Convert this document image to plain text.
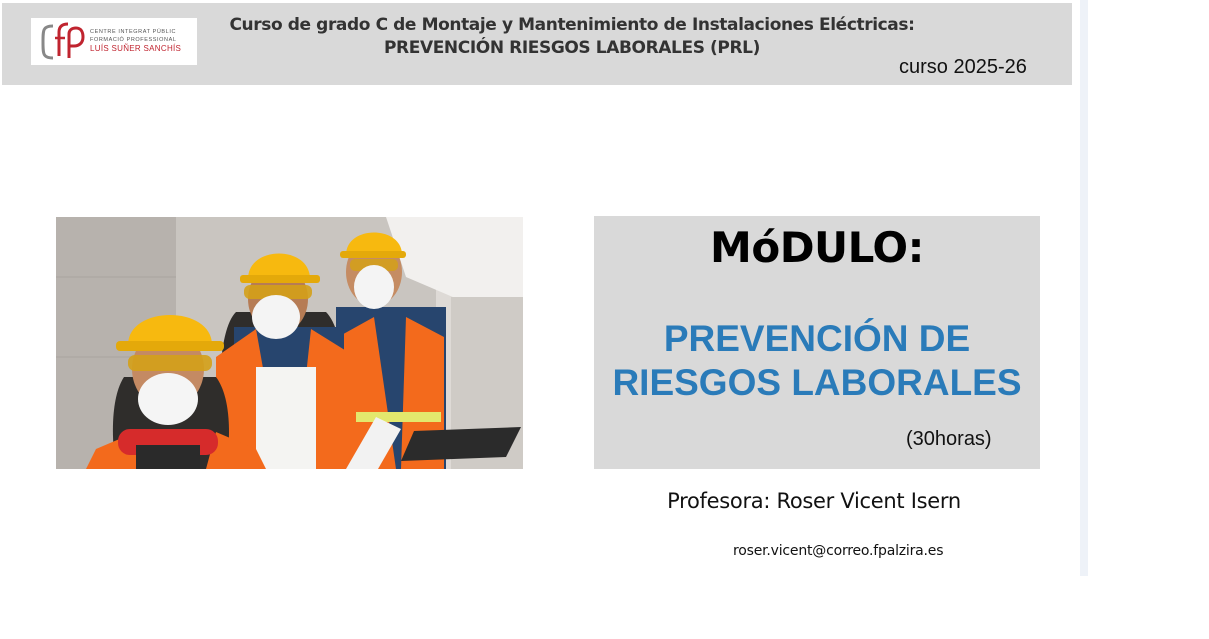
CENTRE INTEGRAT PÚBLIC
FORMACIÓ PROFESSIONAL
LUÍS SUÑER SANCHÍS
Curso de grado C de Montaje y Mantenimiento de Instalaciones Eléctricas:
PREVENCIÓN RIESGOS LABORALES (PRL)
curso 2025-26
MóDULO:
PREVENCIÓN DE
RIESGOS LABORALES
(30horas)
Profesora: Roser Vicent Isern
roser.vicent@correo.fpalzira.es
